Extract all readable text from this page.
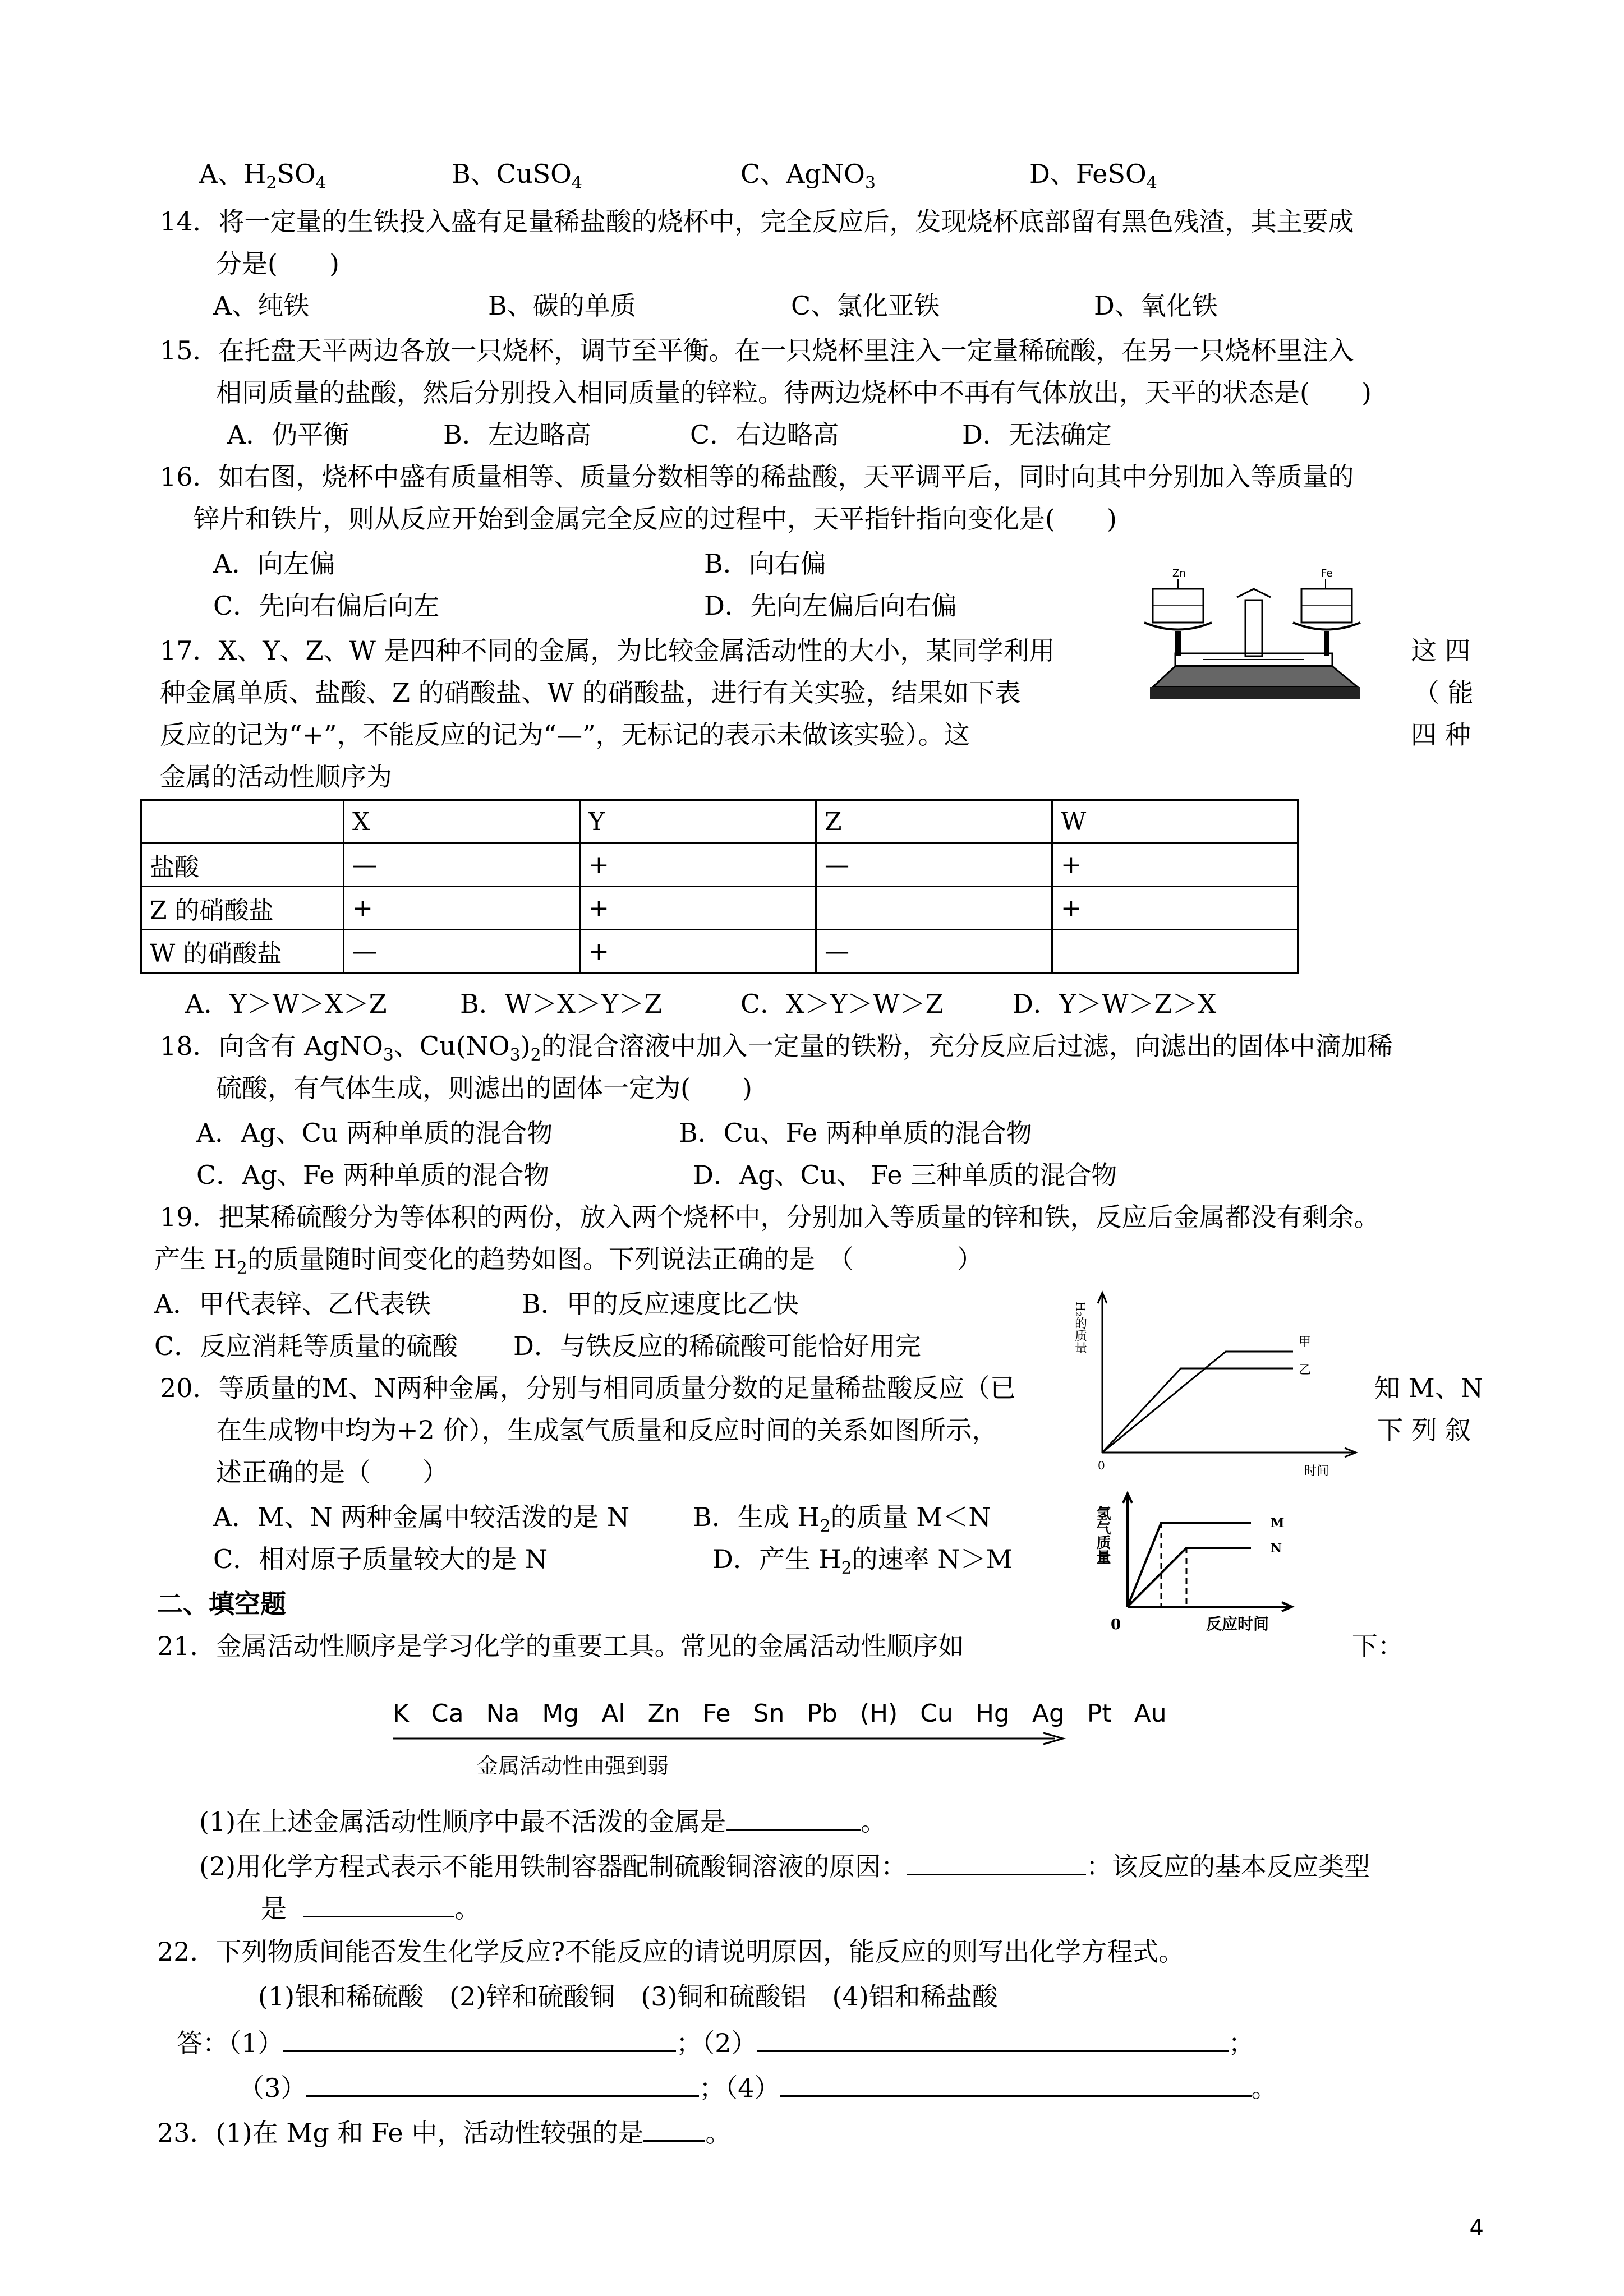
A、$H_2SO_4$	B、CuSO$_4$	C、AgNO$_3$	D、FeSO$_4$
14．将一定量的生铁投入盛有足量稀盐酸的烧杯中，完全反应后，发现烧杯底部留有黑色残渣，其主要成
分是(　　)
A、纯铁	B、碳的单质	C、氯化亚铁	D、氧化铁
15．在托盘天平两边各放一只烧杯，调节至平衡。在一只烧杯里注入一定量稀硫酸，在另一只烧杯里注入
相同质量的盐酸，然后分别投入相同质量的锌粒。待两边烧杯中不再有气体放出，天平的状态是(　　)
A．仍平衡	B．左边略高	C．右边略高	D．无法确定
16．如右图，烧杯中盛有质量相等、质量分数相等的稀盐酸，天平调平后，同时向其中分别加入等质量的
锌片和铁片，则从反应开始到金属完全反应的过程中，天平指针指向变化是(　　)
A．向左偏	B．向右偏
C．先向右偏后向左	D．先向左偏后向右偏
Zn	Fe
17．X、Y、Z、W 是四种不同的金属，为比较金属活动性的大小，某同学利用	这 四
种金属单质、盐酸、Z 的硝酸盐、W 的硝酸盐，进行有关实验，结果如下表	（ 能
反应的记为“+”，不能反应的记为“—”，无标记的表示未做该实验）。这	四 种
金属的活动性顺序为
	X	Y	Z	W
盐酸	—	+	—	+
Z 的硝酸盐	+	+		+
W 的硝酸盐	—	+	—	
A．Y＞W＞X＞Z	B．W＞X＞Y＞Z	C．X＞Y＞W＞Z	D．Y＞W＞Z＞X
18．向含有 AgNO$_3$、$Cu(NO_3)_2$的混合溶液中加入一定量的铁粉，充分反应后过滤，向滤出的固体中滴加稀
硫酸，有气体生成，则滤出的固体一定为(　　)
A．Ag、Cu 两种单质的混合物	B．Cu、Fe 两种单质的混合物
C．Ag、Fe 两种单质的混合物	D．Ag、Cu、 Fe 三种单质的混合物
19．把某稀硫酸分为等体积的两份，放入两个烧杯中，分别加入等质量的锌和铁，反应后金属都没有剩余。
产生 $H_2$的质量随时间变化的趋势如图。下列说法正确的是　（　　　　）
A．甲代表锌、乙代表铁	B．甲的反应速度比乙快
C．反应消耗等质量的硫酸 D．与铁反应的稀硫酸可能恰好用完	H₂的质量
0	时间
甲
乙
20．等质量的M、N两种金属，分别与相同质量分数的足量稀盐酸反应（已	知 M、N
在生成物中均为+2 价），生成氢气质量和反应时间的关系如图所示，	下 列 叙
述正确的是（　　）
A．M、N 两种金属中较活泼的是 N B．生成 $H_2$的质量 M＜N
C．相对原子质量较大的是 N	D．产生 $H_2$的速率 N＞M	氢气质量	M
N
0	反应时间
二、填空题
21．金属活动性顺序是学习化学的重要工具。常见的金属活动性顺序如	下：
K Ca Na Mg Al Zn Fe Sn Pb (H) Cu Hg Ag Pt Au
金属活动性由强到弱
(1)在上述金属活动性顺序中最不活泼的金属是	。
(2)用化学方程式表示不能用铁制容器配制硫酸铜溶液的原因：	：该反应的基本反应类型
是	。
22．下列物质间能否发生化学反应?不能反应的请说明原因，能反应的则写出化学方程式。
(1)银和稀硫酸　(2)锌和硫酸铜　(3)铜和硫酸铝　(4)铝和稀盐酸
答：（1）	；（2）	；
（3）	；（4）	。
23．(1)在 Mg 和 Fe 中，活动性较强的是 。
4
